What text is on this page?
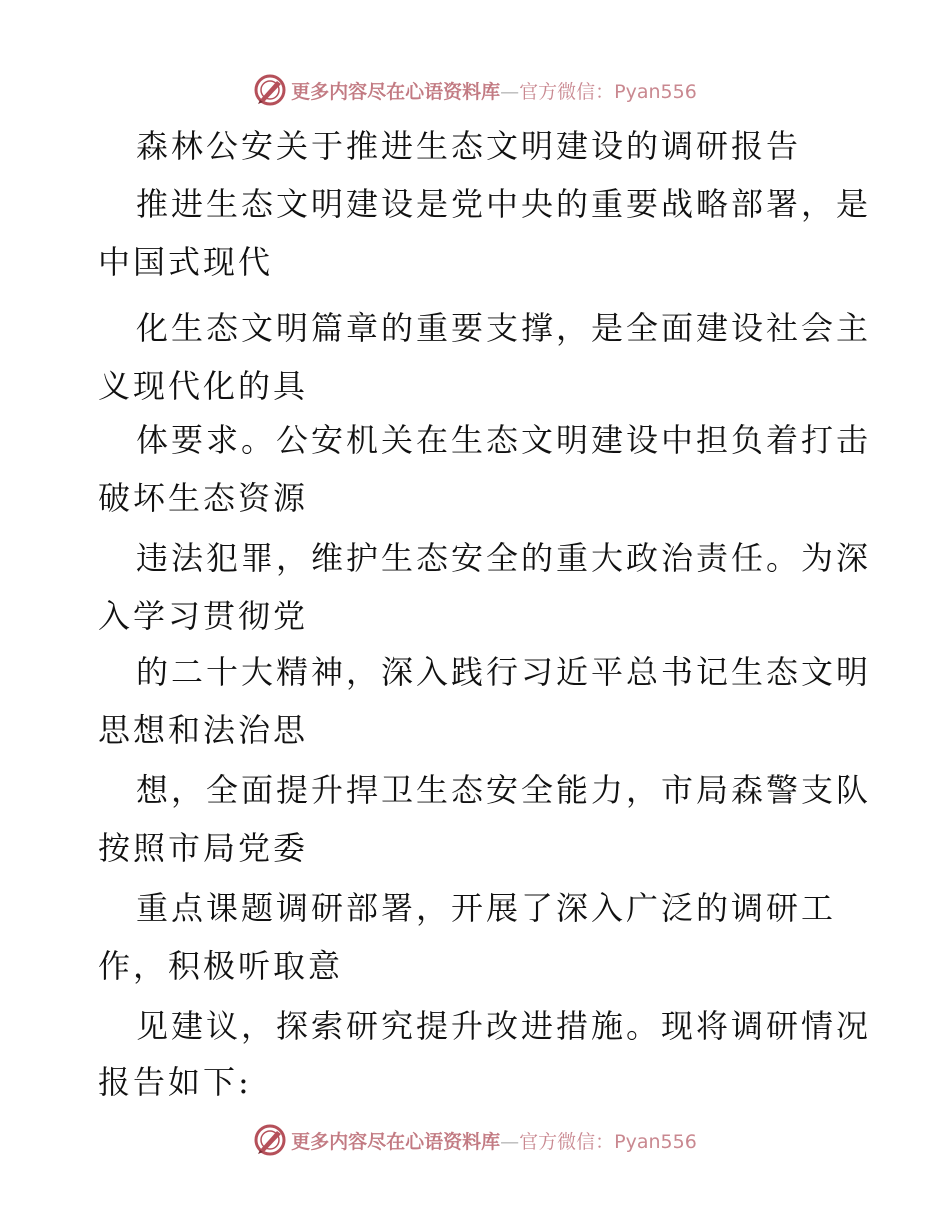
更多内容尽在心语资料库—官方微信：Pyan556
森林公安关于推进生态文明建设的调研报告
推进生态文明建设是党中央的重要战略部署，是
中国式现代
化生态文明篇章的重要支撑，是全面建设社会主
义现代化的具
体要求。公安机关在生态文明建设中担负着打击
破坏生态资源
违法犯罪，维护生态安全的重大政治责任。为深
入学习贯彻党
的二十大精神，深入践行习近平总书记生态文明
思想和法治思
想，全面提升捍卫生态安全能力，市局森警支队
按照市局党委
重点课题调研部署，开展了深入广泛的调研工
作，积极听取意
见建议，探索研究提升改进措施。现将调研情况
报告如下:
更多内容尽在心语资料库—官方微信：Pyan556
